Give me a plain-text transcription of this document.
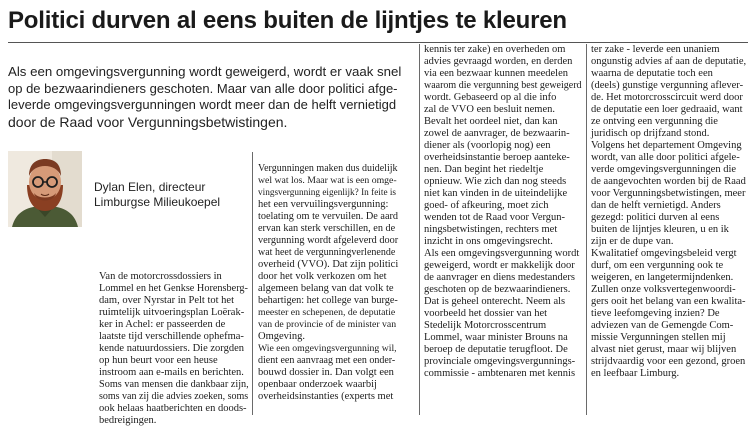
Politici durven al eens buiten de lijntjes te kleuren
Als een omgevingsvergunning wordt geweigerd, wordt er vaak snel
op de bezwaarindieners geschoten. Maar van alle door politici afge-
leverde omgevingsvergunningen wordt meer dan de helft vernietigd
door de Raad voor Vergunningsbetwistingen.
Dylan Elen, directeur
Limburgse Milieukoepel
Van de motorcrossdossiers in
Lommel en het Genkse Horensberg-
dam, over Nyrstar in Pelt tot het
ruimtelijk uitvoeringsplan Loërak-
ker in Achel: er passeerden de
laatste tijd verschillende ophefma-
kende natuurdossiers. Die zorgden
op hun beurt voor een heuse
instroom aan e-mails en berichten.
Soms van mensen die dankbaar zijn,
soms van zij die advies zoeken, soms
ook helaas haatberichten en doods-
bedreigingen.
Vergunningen maken dus duidelijk
wel wat los. Maar wat is een omge-
vingsvergunning eigenlijk? In feite is
het een vervuilingsvergunning:
toelating om te vervuilen. De aard
ervan kan sterk verschillen, en de
vergunning wordt afgeleverd door
wat heet de vergunningverlenende
overheid (VVO). Dat zijn politici
door het volk verkozen om het
algemeen belang van dat volk te
behartigen: het college van burge-
meester en schepenen, de deputatie
van de provincie of de minister van
Omgeving.
Wie een omgevingsvergunning wil,
dient een aanvraag met een onder-
bouwd dossier in. Dan volgt een
openbaar onderzoek waarbij
overheidsinstanties (experts met
kennis ter zake) en overheden om
advies gevraagd worden, en derden
via een bezwaar kunnen meedelen
waarom die vergunning best geweigerd
wordt. Gebaseerd op al die info
zal de VVO een besluit nemen.
Bevalt het oordeel niet, dan kan
zowel de aanvrager, de bezwaarin-
diener als (voorlopig nog) een
overheidsinstantie beroep aanteke-
nen. Dan begint het riedeltje
opnieuw. Wie zich dan nog steeds
niet kan vinden in de uiteindelijke
goed- of afkeuring, moet zich
wenden tot de Raad voor Vergun-
ningsbetwistingen, rechters met
inzicht in ons omgevingsrecht.
Als een omgevingsvergunning wordt
geweigerd, wordt er makkelijk door
de aanvrager en diens medestanders
geschoten op de bezwaarindieners.
Dat is geheel onterecht. Neem als
voorbeeld het dossier van het
Stedelijk Motorcrosscentrum
Lommel, waar minister Brouns na
beroep de deputatie terugfloot. De
provinciale omgevingsvergunnings-
commissie - ambtenaren met kennis
ter zake - leverde een unaniem
ongunstig advies af aan de deputatie,
waarna de deputatie toch een
(deels) gunstige vergunning aflever-
de. Het motorcrosscircuit werd door
de deputatie een loer gedraaid, want
ze ontving een vergunning die
juridisch op drijfzand stond.
Volgens het departement Omgeving
wordt, van alle door politici afgele-
verde omgevingsvergunningen die
de aangevochten worden bij de Raad
voor Vergunningsbetwistingen, meer
dan de helft vernietigd. Anders
gezegd: politici durven al eens
buiten de lijntjes kleuren, u en ik
zijn er de dupe van.
Kwalitatief omgevingsbeleid vergt
durf, om een vergunning ook te
weigeren, en langetermijndenken.
Zullen onze volksvertegenwoordi-
gers ooit het belang van een kwalita-
tieve leefomgeving inzien? De
adviezen van de Gemengde Com-
missie Vergunningen stellen mij
alvast niet gerust, maar wij blijven
strijdvaardig voor een gezond, groen
en leefbaar Limburg.
